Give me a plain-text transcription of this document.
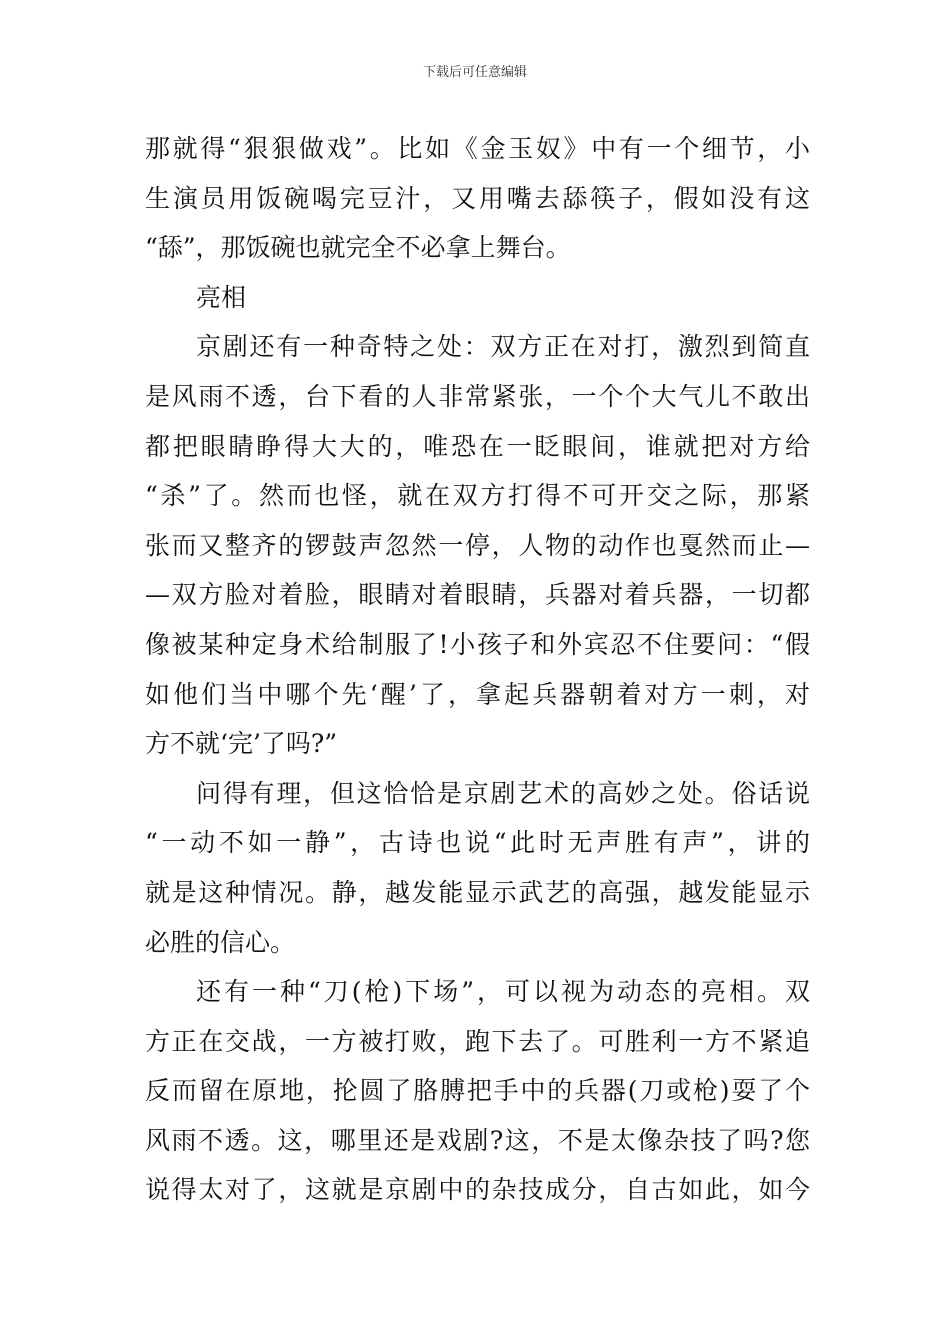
下载后可任意编辑
那就得“狠狠做戏”。比如《金玉奴》中有一个细节，小
生演员用饭碗喝完豆汁，又用嘴去舔筷子，假如没有这
“舔”，那饭碗也就完全不必拿上舞台。
亮相
京剧还有一种奇特之处：双方正在对打，激烈到简直
是风雨不透，台下看的人非常紧张，一个个大气儿不敢出
都把眼睛睁得大大的，唯恐在一眨眼间，谁就把对方给
“杀”了。然而也怪，就在双方打得不可开交之际，那紧
张而又整齐的锣鼓声忽然一停，人物的动作也戛然而止—
—双方脸对着脸，眼睛对着眼睛，兵器对着兵器，一切都
像被某种定身术给制服了!小孩子和外宾忍不住要问：“假
如他们当中哪个先‘醒’了，拿起兵器朝着对方一刺，对
方不就‘完’了吗?”
问得有理，但这恰恰是京剧艺术的高妙之处。俗话说
“一动不如一静”，古诗也说“此时无声胜有声”，讲的
就是这种情况。静，越发能显示武艺的高强，越发能显示
必胜的信心。
还有一种“刀(枪)下场”，可以视为动态的亮相。双
方正在交战，一方被打败，跑下去了。可胜利一方不紧追
反而留在原地，抡圆了胳膊把手中的兵器(刀或枪)耍了个
风雨不透。这，哪里还是戏剧?这，不是太像杂技了吗?您
说得太对了，这就是京剧中的杂技成分，自古如此，如今
